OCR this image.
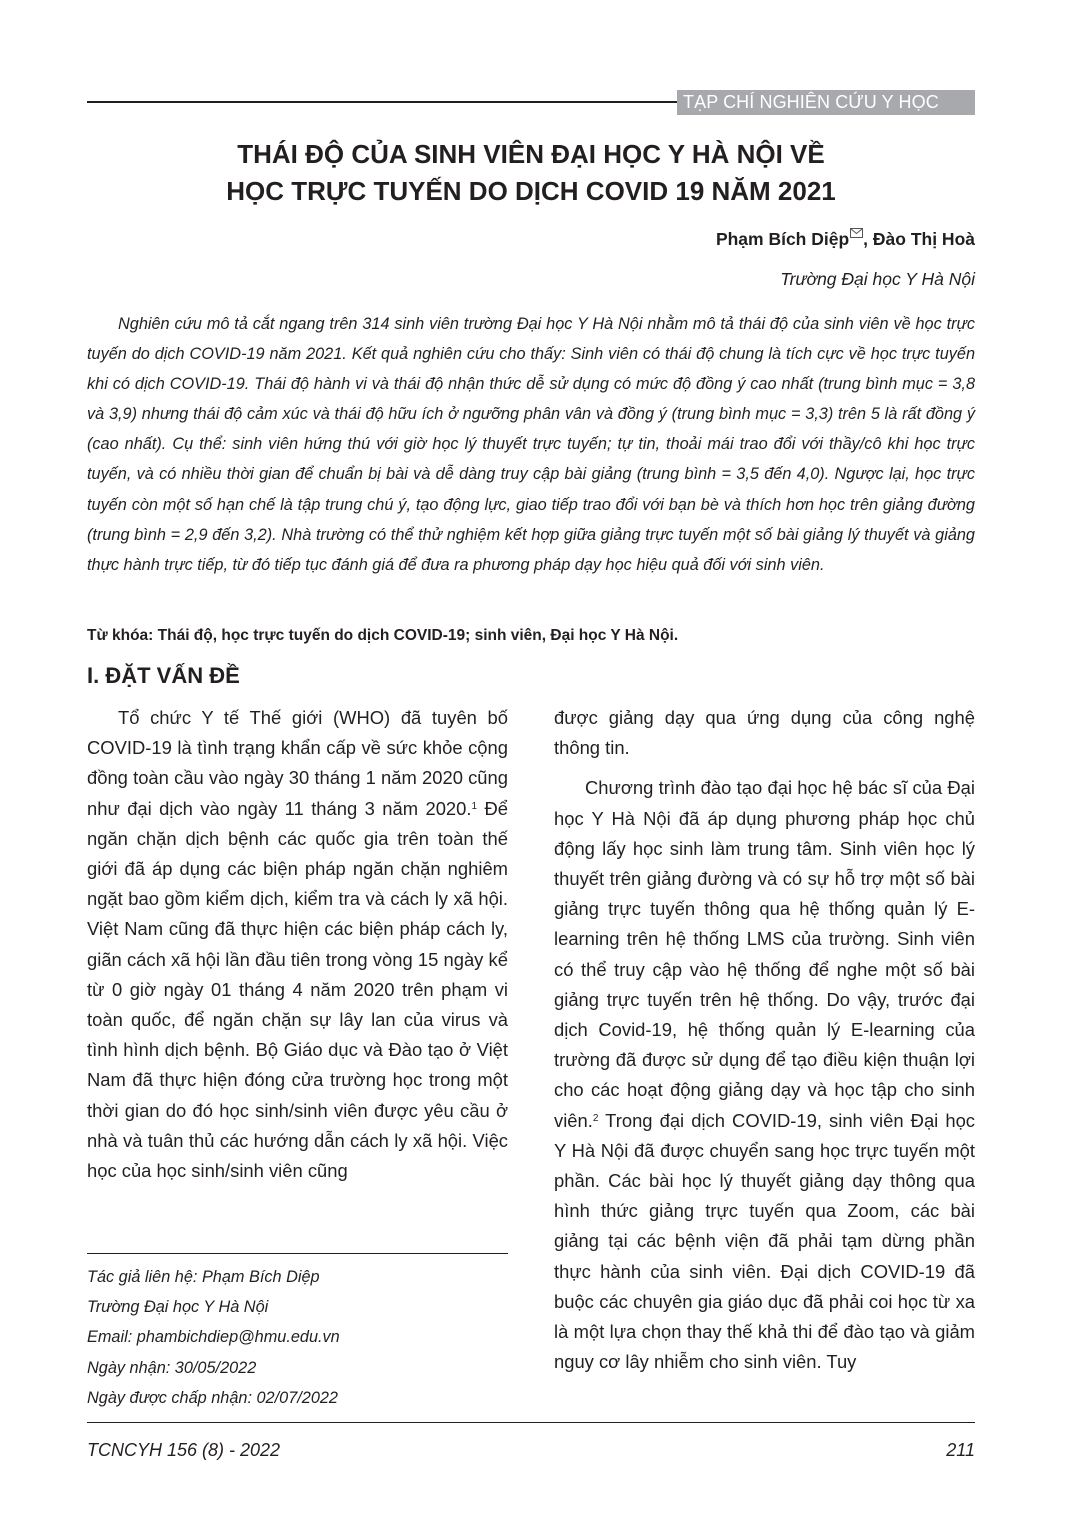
TẠP CHÍ NGHIÊN CỨU Y HỌC
THÁI ĐỘ CỦA SINH VIÊN ĐẠI HỌC Y HÀ NỘI VỀ
HỌC TRỰC TUYẾN DO DỊCH COVID 19 NĂM 2021
Phạm Bích Diệp , Đào Thị Hoà
Trường Đại học Y Hà Nội

Nghiên cứu mô tả cắt ngang trên 314 sinh viên trường Đại học Y Hà Nội nhằm mô tả thái độ của sinh viên về học trực tuyến do dịch COVID-19 năm 2021. Kết quả nghiên cứu cho thấy: Sinh viên có thái độ chung là tích cực về học trực tuyến khi có dịch COVID-19. Thái độ hành vi và thái độ nhận thức dễ sử dụng có mức độ đồng ý cao nhất (trung bình mục = 3,8 và 3,9) nhưng thái độ cảm xúc và thái độ hữu ích ở ngưỡng phân vân và đồng ý (trung bình mục = 3,3) trên 5 là rất đồng ý (cao nhất). Cụ thể: sinh viên hứng thú với giờ học lý thuyết trực tuyến; tự tin, thoải mái trao đổi với thầy/cô khi học trực tuyến, và có nhiều thời gian để chuẩn bị bài và dễ dàng truy cập bài giảng (trung bình = 3,5 đến 4,0). Ngược lại, học trực tuyến còn một số hạn chế là tập trung chú ý, tạo động lực, giao tiếp trao đổi với bạn bè và thích hơn học trên giảng đường (trung bình = 2,9 đến 3,2). Nhà trường có thể thử nghiệm kết hợp giữa giảng trực tuyến một số bài giảng lý thuyết và giảng thực hành trực tiếp, từ đó tiếp tục đánh giá để đưa ra phương pháp dạy học hiệu quả đối với sinh viên.

Từ khóa: Thái độ, học trực tuyến do dịch COVID-19; sinh viên, Đại học Y Hà Nội.
I. ĐẶT VẤN ĐỀ

Tổ chức Y tế Thế giới (WHO) đã tuyên bố COVID-19 là tình trạng khẩn cấp về sức khỏe cộng đồng toàn cầu vào ngày 30 tháng 1 năm 2020 cũng như đại dịch vào ngày 11 tháng 3 năm 2020.$^1$ Để ngăn chặn dịch bệnh các quốc gia trên toàn thế giới đã áp dụng các biện pháp ngăn chặn nghiêm ngặt bao gồm kiểm dịch, kiểm tra và cách ly xã hội. Việt Nam cũng đã thực hiện các biện pháp cách ly, giãn cách xã hội lần đầu tiên trong vòng 15 ngày kể từ 0 giờ ngày 01 tháng 4 năm 2020 trên phạm vi toàn quốc, để ngăn chặn sự lây lan của virus và tình hình dịch bệnh. Bộ Giáo dục và Đào tạo ở Việt Nam đã thực hiện đóng cửa trường học trong một thời gian do đó học sinh/sinh viên được yêu cầu ở nhà và tuân thủ các hướng dẫn cách ly xã hội. Việc học của học sinh/sinh viên cũng

được giảng dạy qua ứng dụng của công nghệ thông tin.

Chương trình đào tạo đại học hệ bác sĩ của Đại học Y Hà Nội đã áp dụng phương pháp học chủ động lấy học sinh làm trung tâm. Sinh viên học lý thuyết trên giảng đường và có sự hỗ trợ một số bài giảng trực tuyến thông qua hệ thống quản lý E-learning trên hệ thống LMS của trường. Sinh viên có thể truy cập vào hệ thống để nghe một số bài giảng trực tuyến trên hệ thống. Do vậy, trước đại dịch Covid-19, hệ thống quản lý E-learning của trường đã được sử dụng để tạo điều kiện thuận lợi cho các hoạt động giảng dạy và học tập cho sinh viên.$^2$ Trong đại dịch COVID-19, sinh viên Đại học Y Hà Nội đã được chuyển sang học trực tuyến một phần. Các bài học lý thuyết giảng dạy thông qua hình thức giảng trực tuyến qua Zoom, các bài giảng tại các bệnh viện đã phải tạm dừng phần thực hành của sinh viên. Đại dịch COVID-19 đã buộc các chuyên gia giáo dục đã phải coi học từ xa là một lựa chọn thay thế khả thi để đào tạo và giảm nguy cơ lây nhiễm cho sinh viên. Tuy

Tác giả liên hệ: Phạm Bích Diệp
Trường Đại học Y Hà Nội
Email: phambichdiep@hmu.edu.vn
Ngày nhận: 30/05/2022
Ngày được chấp nhận: 02/07/2022
TCNCYH 156 (8) - 2022	211
